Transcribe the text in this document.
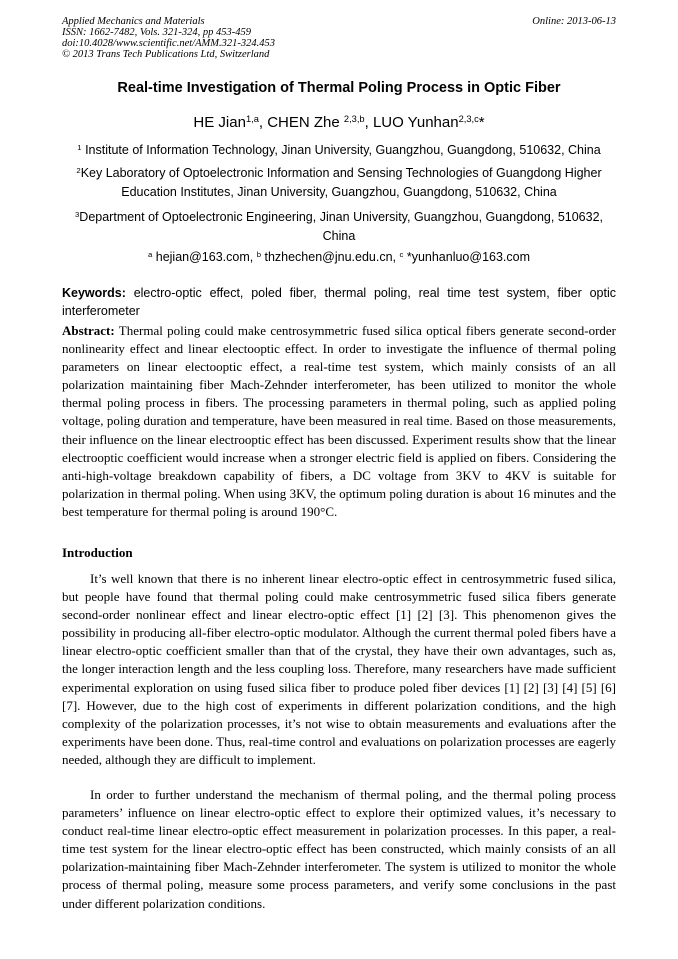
Applied Mechanics and Materials
ISSN: 1662-7482, Vols. 321-324, pp 453-459
doi:10.4028/www.scientific.net/AMM.321-324.453
© 2013 Trans Tech Publications Ltd, Switzerland
Online: 2013-06-13
Real-time Investigation of Thermal Poling Process in Optic Fiber
HE Jian$^{1,a}$, CHEN Zhe $^{2,3,b}$, LUO Yunhan$^{2,3,c}$*
$^1$ Institute of Information Technology, Jinan University, Guangzhou, Guangdong, 510632, China
$^2$Key Laboratory of Optoelectronic Information and Sensing Technologies of Guangdong Higher Education Institutes, Jinan University, Guangzhou, Guangdong, 510632, China
$^3$Department of Optoelectronic Engineering, Jinan University, Guangzhou, Guangdong, 510632, China
$^a$ hejian@163.com, $^b$ thzhechen@jnu.edu.cn, $^c$ *yunhanluo@163.com
Keywords: electro-optic effect, poled fiber, thermal poling, real time test system, fiber optic interferometer
Abstract: Thermal poling could make centrosymmetric fused silica optical fibers generate second-order nonlinearity effect and linear electooptic effect. In order to investigate the influence of thermal poling parameters on linear electooptic effect, a real-time test system, which mainly consists of an all polarization maintaining fiber Mach-Zehnder interferometer, has been utilized to monitor the whole thermal poling process in fibers. The processing parameters in thermal poling, such as applied poling voltage, poling duration and temperature, have been measured in real time. Based on those measurements, their influence on the linear electrooptic effect has been discussed. Experiment results show that the linear electrooptic coefficient would increase when a stronger electric field is applied on fibers. Considering the anti-high-voltage breakdown capability of fibers, a DC voltage from 3KV to 4KV is suitable for polarization in thermal poling. When using 3KV, the optimum poling duration is about 16 minutes and the best temperature for thermal poling is around 190°C.
Introduction
It’s well known that there is no inherent linear electro-optic effect in centrosymmetric fused silica, but people have found that thermal poling could make centrosymmetric fused silica fibers generate second-order nonlinear effect and linear electro-optic effect [1] [2] [3]. This phenomenon gives the possibility in producing all-fiber electro-optic modulator. Although the current thermal poled fibers have a linear electro-optic coefficient smaller than that of the crystal, they have their own advantages, such as, the longer interaction length and the less coupling loss. Therefore, many researchers have made sufficient experimental exploration on using fused silica fiber to produce poled fiber devices [1] [2] [3] [4] [5] [6] [7]. However, due to the high cost of experiments in different polarization conditions, and the high complexity of the polarization processes, it’s not wise to obtain measurements and evaluations after the experiments have been done. Thus, real-time control and evaluations on polarization processes are eagerly needed, although they are difficult to implement.
In order to further understand the mechanism of thermal poling, and the thermal poling process parameters’ influence on linear electro-optic effect to explore their optimized values, it’s necessary to conduct real-time linear electro-optic effect measurement in polarization processes. In this paper, a real-time test system for the linear electro-optic effect has been constructed, which mainly consists of an all polarization-maintaining fiber Mach-Zehnder interferometer. The system is utilized to monitor the whole process of thermal poling, measure some process parameters, and verify some conclusions in the past under different polarization conditions.
